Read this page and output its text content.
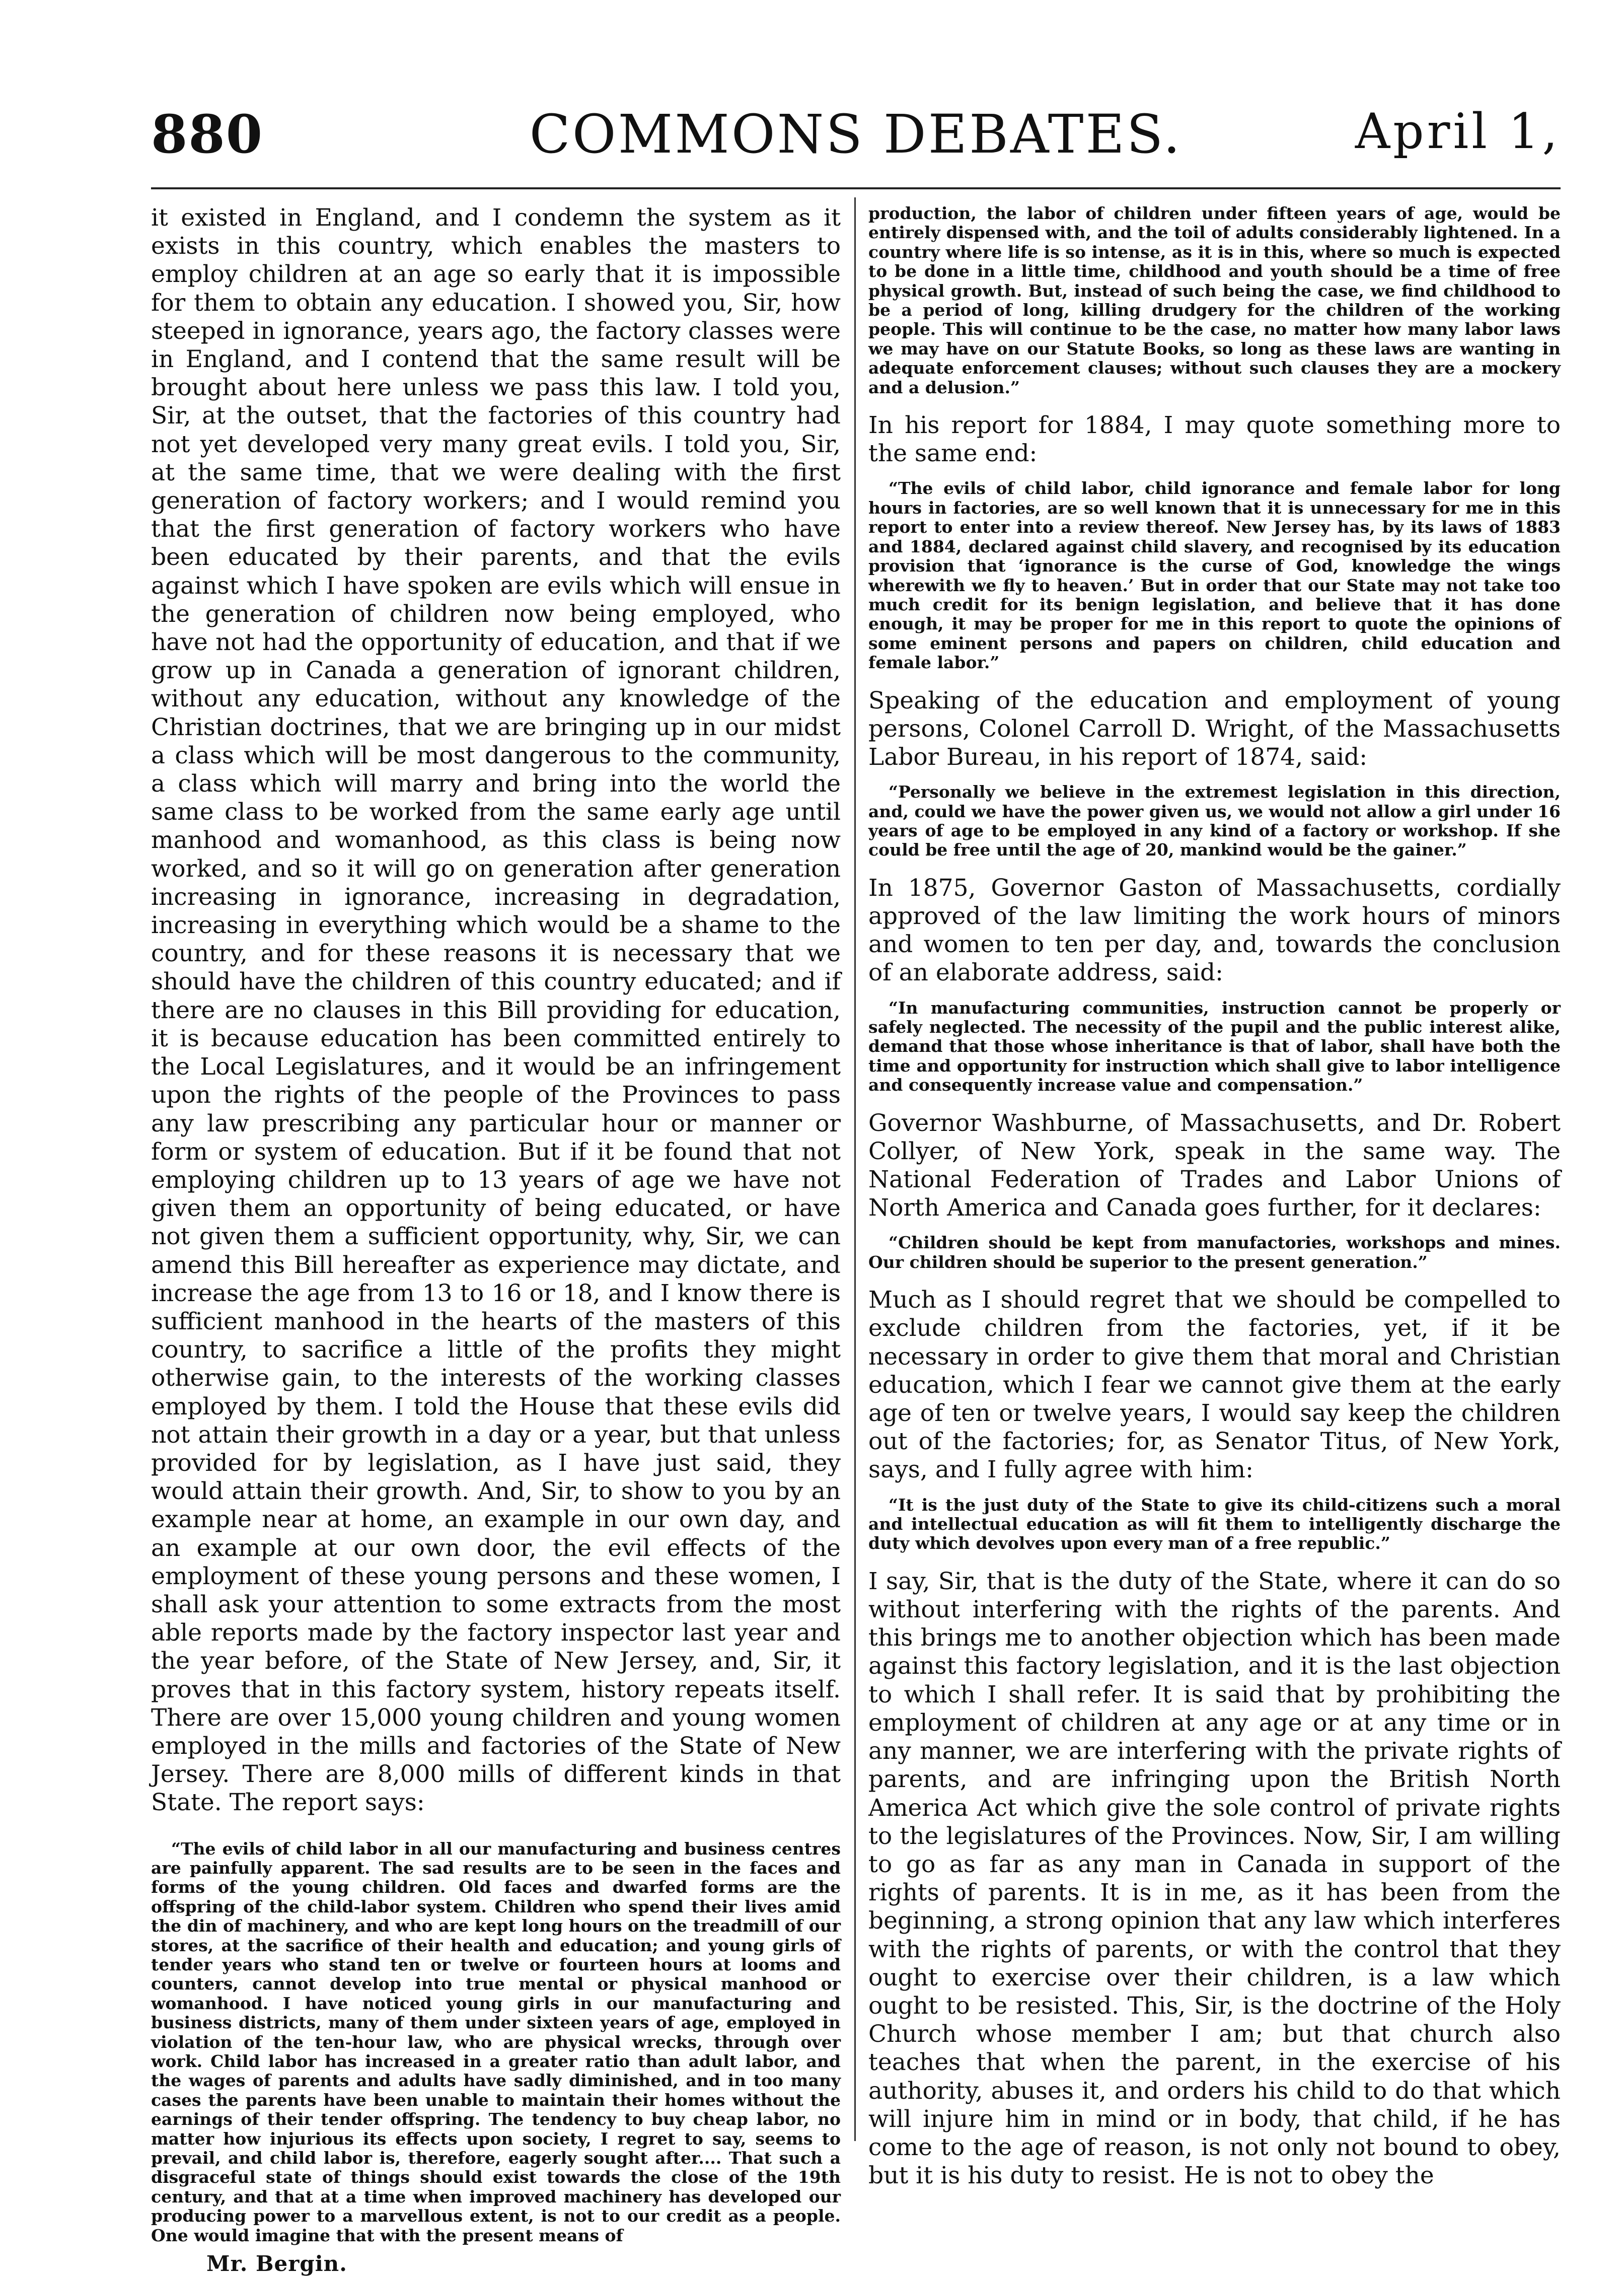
880	COMMONS DEBATES.	April 1,

it existed in England, and I condemn the system as it exists in this country, which enables the masters to employ children at an age so early that it is impossible for them to obtain any education. I showed you, Sir, how steeped in ignorance, years ago, the factory classes were in England, and I contend that the same result will be brought about here unless we pass this law. I told you, Sir, at the outset, that the factories of this country had not yet developed very many great evils. I told you, Sir, at the same time, that we were dealing with the first generation of factory workers; and I would remind you that the first generation of factory workers who have been educated by their parents, and that the evils against which I have spoken are evils which will ensue in the generation of children now being employed, who have not had the opportunity of education, and that if we grow up in Canada a generation of ignorant children, without any education, without any knowledge of the Christian doctrines, that we are bringing up in our midst a class which will be most dangerous to the community, a class which will marry and bring into the world the same class to be worked from the same early age until manhood and womanhood, as this class is being now worked, and so it will go on generation after generation increasing in ignorance, increasing in degradation, increasing in everything which would be a shame to the country, and for these reasons it is necessary that we should have the children of this country educated; and if there are no clauses in this Bill providing for education, it is because education has been committed entirely to the Local Legislatures, and it would be an infringement upon the rights of the people of the Provinces to pass any law prescribing any particular hour or manner or form or system of education. But if it be found that not employing children up to 13 years of age we have not given them an opportunity of being educated, or have not given them a sufficient opportunity, why, Sir, we can amend this Bill hereafter as experience may dictate, and increase the age from 13 to 16 or 18, and I know there is sufficient manhood in the hearts of the masters of this country, to sacrifice a little of the profits they might otherwise gain, to the interests of the working classes employed by them. I told the House that these evils did not attain their growth in a day or a year, but that unless provided for by legislation, as I have just said, they would attain their growth. And, Sir, to show to you by an example near at home, an example in our own day, and an example at our own door, the evil effects of the employment of these young persons and these women, I shall ask your attention to some extracts from the most able reports made by the factory inspector last year and the year before, of the State of New Jersey, and, Sir, it proves that in this factory system, history repeats itself. There are over 15,000 young children and young women employed in the mills and factories of the State of New Jersey. There are 8,000 mills of different kinds in that State. The report says:

“The evils of child labor in all our manufacturing and business centres are painfully apparent. The sad results are to be seen in the faces and forms of the young children. Old faces and dwarfed forms are the offspring of the child-labor system. Children who spend their lives amid the din of machinery, and who are kept long hours on the treadmill of our stores, at the sacrifice of their health and education; and young girls of tender years who stand ten or twelve or fourteen hours at looms and counters, cannot develop into true mental or physical manhood or womanhood. I have noticed young girls in our manufacturing and business districts, many of them under sixteen years of age, employed in violation of the ten-hour law, who are physical wrecks, through over work. Child labor has increased in a greater ratio than adult labor, and the wages of parents and adults have sadly diminished, and in too many cases the parents have been unable to maintain their homes without the earnings of their tender offspring. The tendency to buy cheap labor, no matter how injurious its effects upon society, I regret to say, seems to prevail, and child labor is, therefore, eagerly sought after.... That such a disgraceful state of things should exist towards the close of the 19th century, and that at a time when improved machinery has developed our producing power to a marvellous extent, is not to our credit as a people. One would imagine that with the present means of

Mr. Bergin.

production, the labor of children under fifteen years of age, would be entirely dispensed with, and the toil of adults considerably lightened. In a country where life is so intense, as it is in this, where so much is expected to be done in a little time, childhood and youth should be a time of free physical growth. But, instead of such being the case, we find childhood to be a period of long, killing drudgery for the children of the working people. This will continue to be the case, no matter how many labor laws we may have on our Statute Books, so long as these laws are wanting in adequate enforcement clauses; without such clauses they are a mockery and a delusion.”

In his report for 1884, I may quote something more to the same end:

“The evils of child labor, child ignorance and female labor for long hours in factories, are so well known that it is unnecessary for me in this report to enter into a review thereof. New Jersey has, by its laws of 1883 and 1884, declared against child slavery, and recognised by its education provision that ‘ignorance is the curse of God, knowledge the wings wherewith we fly to heaven.’ But in order that our State may not take too much credit for its benign legislation, and believe that it has done enough, it may be proper for me in this report to quote the opinions of some eminent persons and papers on children, child education and female labor.”

Speaking of the education and employment of young persons, Colonel Carroll D. Wright, of the Massachusetts Labor Bureau, in his report of 1874, said:

“Personally we believe in the extremest legislation in this direction, and, could we have the power given us, we would not allow a girl under 16 years of age to be employed in any kind of a factory or workshop. If she could be free until the age of 20, mankind would be the gainer.”

In 1875, Governor Gaston of Massachusetts, cordially approved of the law limiting the work hours of minors and women to ten per day, and, towards the conclusion of an elaborate address, said:

“In manufacturing communities, instruction cannot be properly or safely neglected. The necessity of the pupil and the public interest alike, demand that those whose inheritance is that of labor, shall have both the time and opportunity for instruction which shall give to labor intelligence and consequently increase value and compensation.”

Governor Washburne, of Massachusetts, and Dr. Robert Collyer, of New York, speak in the same way. The National Federation of Trades and Labor Unions of North America and Canada goes further, for it declares:

“Children should be kept from manufactories, workshops and mines. Our children should be superior to the present generation.”

Much as I should regret that we should be compelled to exclude children from the factories, yet, if it be necessary in order to give them that moral and Christian education, which I fear we cannot give them at the early age of ten or twelve years, I would say keep the children out of the factories; for, as Senator Titus, of New York, says, and I fully agree with him:

“It is the just duty of the State to give its child-citizens such a moral and intellectual education as will fit them to intelligently discharge the duty which devolves upon every man of a free republic.”

I say, Sir, that is the duty of the State, where it can do so without interfering with the rights of the parents. And this brings me to another objection which has been made against this factory legislation, and it is the last objection to which I shall refer. It is said that by prohibiting the employment of children at any age or at any time or in any manner, we are interfering with the private rights of parents, and are infringing upon the British North America Act which give the sole control of private rights to the legislatures of the Provinces. Now, Sir, I am willing to go as far as any man in Canada in support of the rights of parents. It is in me, as it has been from the beginning, a strong opinion that any law which interferes with the rights of parents, or with the control that they ought to exercise over their children, is a law which ought to be resisted. This, Sir, is the doctrine of the Holy Church whose member I am; but that church also teaches that when the parent, in the exercise of his authority, abuses it, and orders his child to do that which will injure him in mind or in body, that child, if he has come to the age of reason, is not only not bound to obey, but it is his duty to resist. He is not to obey the
